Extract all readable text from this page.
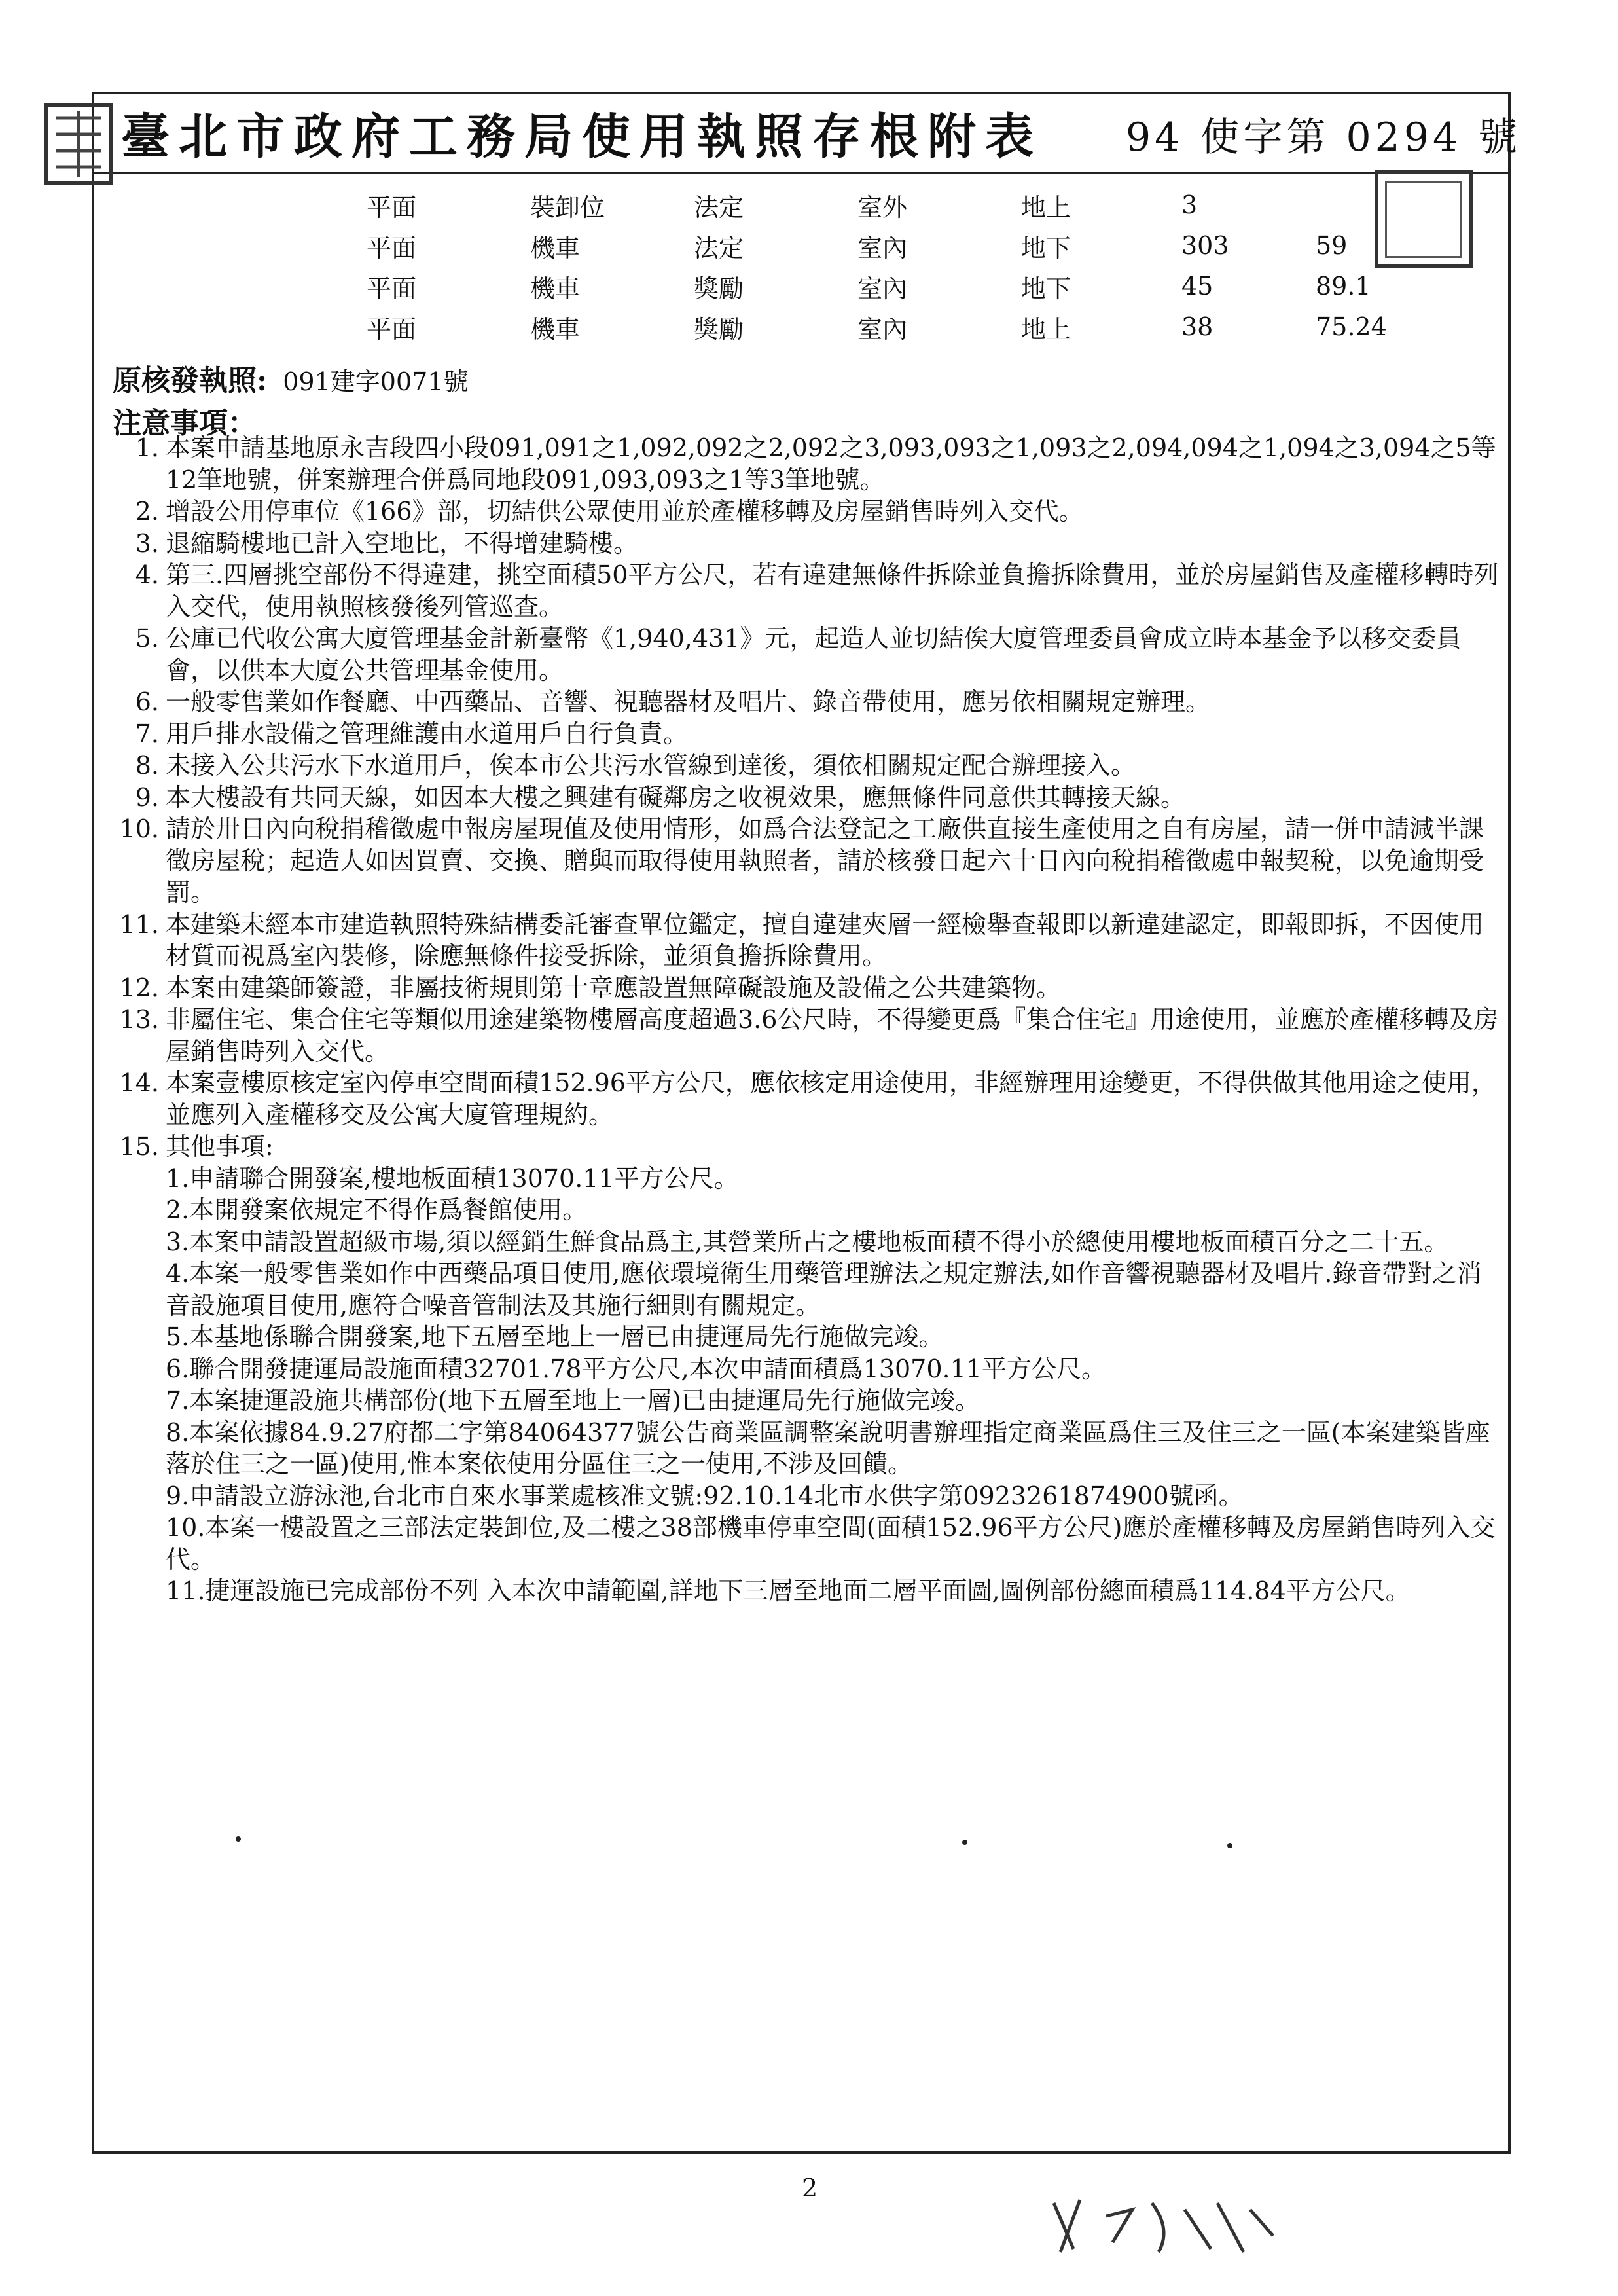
臺北市政府工務局使用執照存根附表 94 使字第 0294 號
平面	裝卸位	法定	室外	地上	3	
平面	機車	法定	室內	地下	303	59
平面	機車	獎勵	室內	地下	45	89.1
平面	機車	獎勵	室內	地上	38	75.24
原核發執照: 091建字0071號
注意事項：
1. 本案申請基地原永吉段四小段091,091之1,092,092之2,092之3,093,093之1,093之2,094,094之1,094之3,094之5等12筆地號，併案辦理合併爲同地段091,093,093之1等3筆地號。
2. 增設公用停車位《166》部，切結供公眾使用並於產權移轉及房屋銷售時列入交代。
3. 退縮騎樓地已計入空地比，不得增建騎樓。
4. 第三.四層挑空部份不得違建，挑空面積50平方公尺，若有違建無條件拆除並負擔拆除費用，並於房屋銷售及產權移轉時列入交代，使用執照核發後列管巡查。
5. 公庫已代收公寓大廈管理基金計新臺幣《1,940,431》元，起造人並切結俟大廈管理委員會成立時本基金予以移交委員會，以供本大廈公共管理基金使用。
6. 一般零售業如作餐廳、中西藥品、音響、視聽器材及唱片、錄音帶使用，應另依相關規定辦理。
7. 用戶排水設備之管理維護由水道用戶自行負責。
8. 未接入公共污水下水道用戶，俟本市公共污水管線到達後，須依相關規定配合辦理接入。
9. 本大樓設有共同天線，如因本大樓之興建有礙鄰房之收視效果，應無條件同意供其轉接天線。
10. 請於卅日內向稅捐稽徵處申報房屋現值及使用情形，如爲合法登記之工廠供直接生產使用之自有房屋，請一併申請減半課徵房屋稅；起造人如因買賣、交換、贈與而取得使用執照者，請於核發日起六十日內向稅捐稽徵處申報契稅，以免逾期受罰。
11. 本建築未經本市建造執照特殊結構委託審查單位鑑定，擅自違建夾層一經檢舉查報即以新違建認定，即報即拆，不因使用材質而視爲室內裝修，除應無條件接受拆除，並須負擔拆除費用。
12. 本案由建築師簽證，非屬技術規則第十章應設置無障礙設施及設備之公共建築物。
13. 非屬住宅、集合住宅等類似用途建築物樓層高度超過3.6公尺時，不得變更爲『集合住宅』用途使用，並應於產權移轉及房屋銷售時列入交代。
14. 本案壹樓原核定室內停車空間面積152.96平方公尺，應依核定用途使用，非經辦理用途變更，不得供做其他用途之使用，並應列入產權移交及公寓大廈管理規約。
15. 其他事項:
1.申請聯合開發案,樓地板面積13070.11平方公尺。
2.本開發案依規定不得作爲餐館使用。
3.本案申請設置超級市場,須以經銷生鮮食品爲主,其營業所占之樓地板面積不得小於總使用樓地板面積百分之二十五。
4.本案一般零售業如作中西藥品項目使用,應依環境衛生用藥管理辦法之規定辦法,如作音響視聽器材及唱片.錄音帶對之消音設施項目使用,應符合噪音管制法及其施行細則有關規定。
5.本基地係聯合開發案,地下五層至地上一層已由捷運局先行施做完竣。
6.聯合開發捷運局設施面積32701.78平方公尺,本次申請面積爲13070.11平方公尺。
7.本案捷運設施共構部份(地下五層至地上一層)已由捷運局先行施做完竣。
8.本案依據84.9.27府都二字第84064377號公告商業區調整案說明書辦理指定商業區爲住三及住三之一區(本案建築皆座落於住三之一區)使用,惟本案依使用分區住三之一使用,不涉及回饋。
9.申請設立游泳池,台北市自來水事業處核准文號:92.10.14北市水供字第0923261874900號函。
10.本案一樓設置之三部法定裝卸位,及二樓之38部機車停車空間(面積152.96平方公尺)應於產權移轉及房屋銷售時列入交代。
11.捷運設施已完成部份不列 入本次申請範圍,詳地下三層至地面二層平面圖,圖例部份總面積爲114.84平方公尺。
2
